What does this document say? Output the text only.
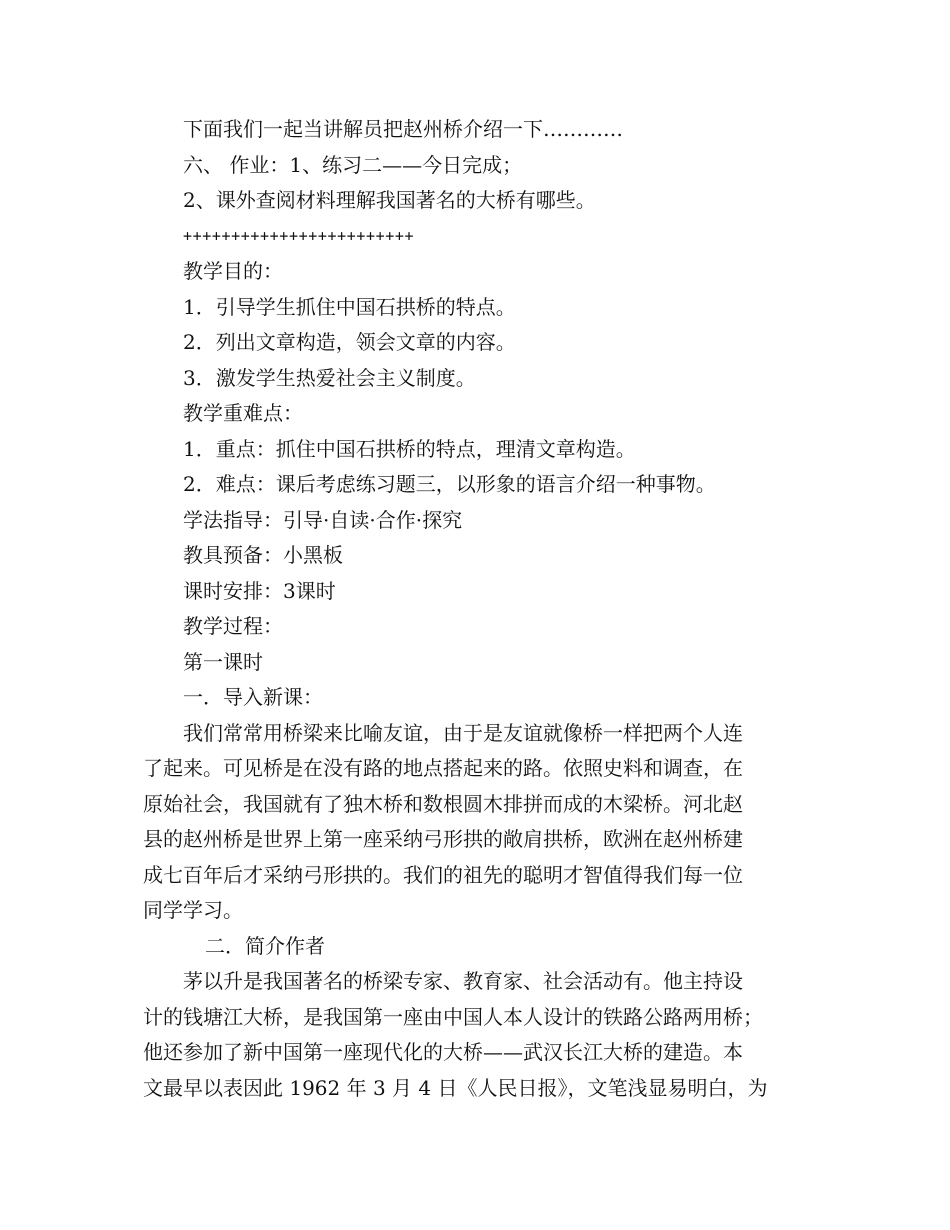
下面我们一起当讲解员把赵州桥介绍一下…………
六、 作业：1、练习二——今日完成；
2、课外查阅材料理解我国著名的大桥有哪些。
++++++++++++++++++++++++
教学目的：
1．引导学生抓住中国石拱桥的特点。
2．列出文章构造，领会文章的内容。
3．激发学生热爱社会主义制度。
教学重难点：
1．重点：抓住中国石拱桥的特点，理清文章构造。
2．难点：课后考虑练习题三，以形象的语言介绍一种事物。
学法指导：引导·自读·合作·探究
教具预备：小黑板
课时安排：3课时
教学过程：
第一课时
一．导入新课：
我们常常用桥梁来比喻友谊，由于是友谊就像桥一样把两个人连
了起来。可见桥是在没有路的地点搭起来的路。依照史料和调查，在
原始社会，我国就有了独木桥和数根圆木排拼而成的木梁桥。河北赵
县的赵州桥是世界上第一座采纳弓形拱的敞肩拱桥，欧洲在赵州桥建
成七百年后才采纳弓形拱的。我们的祖先的聪明才智值得我们每一位
同学学习。
二．简介作者
茅以升是我国著名的桥梁专家、教育家、社会活动有。他主持设
计的钱塘江大桥，是我国第一座由中国人本人设计的铁路公路两用桥；
他还参加了新中国第一座现代化的大桥——武汉长江大桥的建造。本
文最早以表因此 1962 年 3 月 4 日《人民日报》，文笔浅显易明白，为
